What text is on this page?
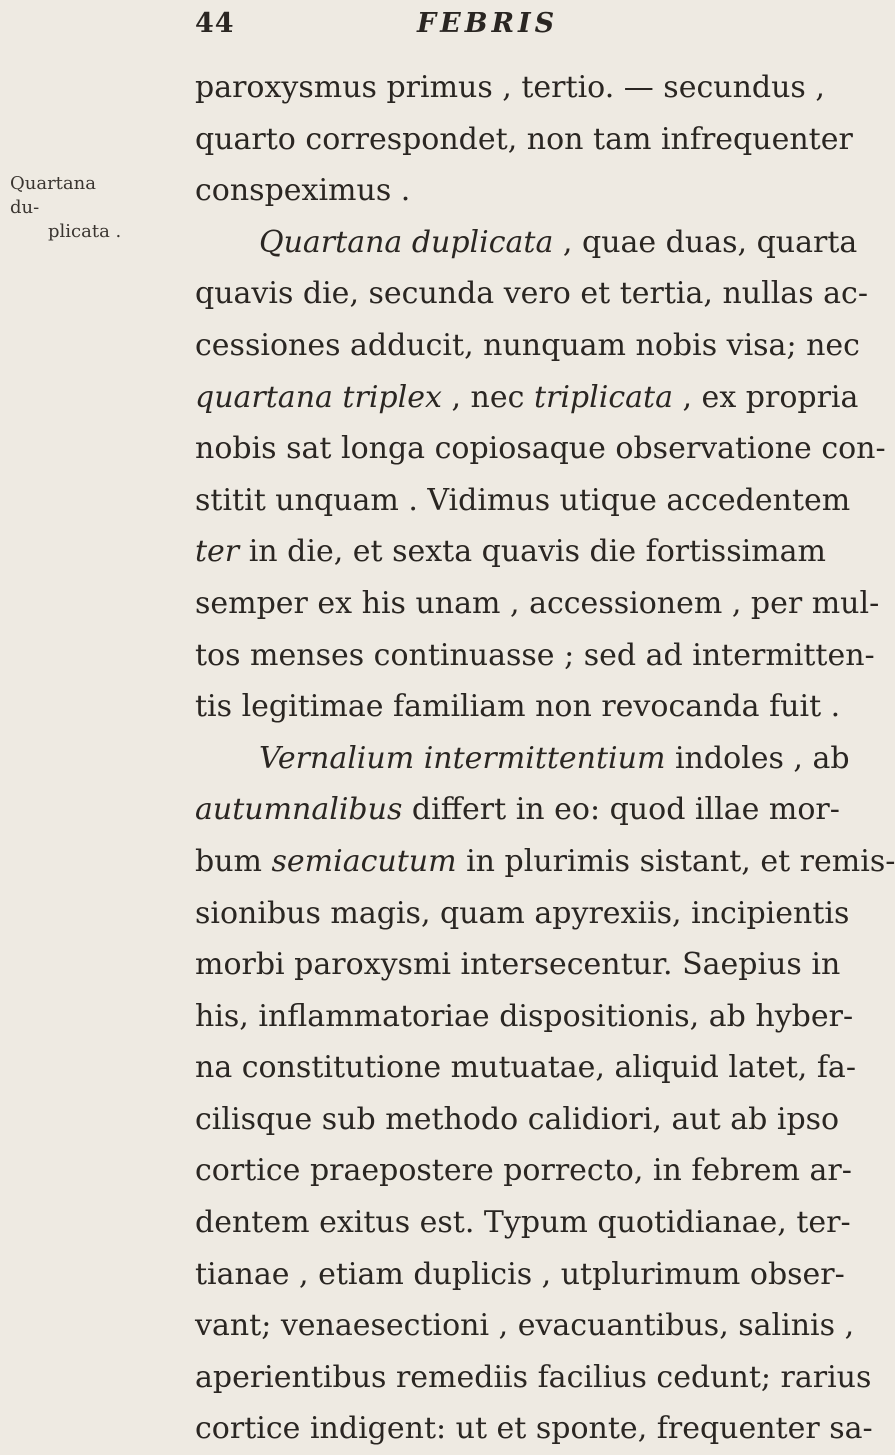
44	FEBRIS
Quartana du-
plicata .
paroxysmus primus , tertio. — secundus ,
quarto correspondet, non tam infrequenter
conspeximus .
Quartana duplicata , quae duas, quarta
quavis die, secunda vero et tertia, nullas ac-
cessiones adducit, nunquam nobis visa; nec
quartana triplex , nec triplicata , ex propria
nobis sat longa copiosaque observatione con-
stitit unquam . Vidimus utique accedentem
ter in die, et sexta quavis die fortissimam
semper ex his unam , accessionem , per mul-
tos menses continuasse ; sed ad intermitten-
tis legitimae familiam non revocanda fuit .
Vernalium intermittentium indoles , ab
autumnalibus differt in eo: quod illae mor-
bum semiacutum in plurimis sistant, et remis-
sionibus magis, quam apyrexiis, incipientis
morbi paroxysmi intersecentur. Saepius in
his, inflammatoriae dispositionis, ab hyber-
na constitutione mutuatae, aliquid latet, fa-
cilisque sub methodo calidiori, aut ab ipso
cortice praepostere porrecto, in febrem ar-
dentem exitus est. Typum quotidianae, ter-
tianae , etiam duplicis , utplurimum obser-
vant; venaesectioni , evacuantibus, salinis ,
aperientibus remediis facilius cedunt; rarius
cortice indigent: ut et sponte, frequenter sa-
